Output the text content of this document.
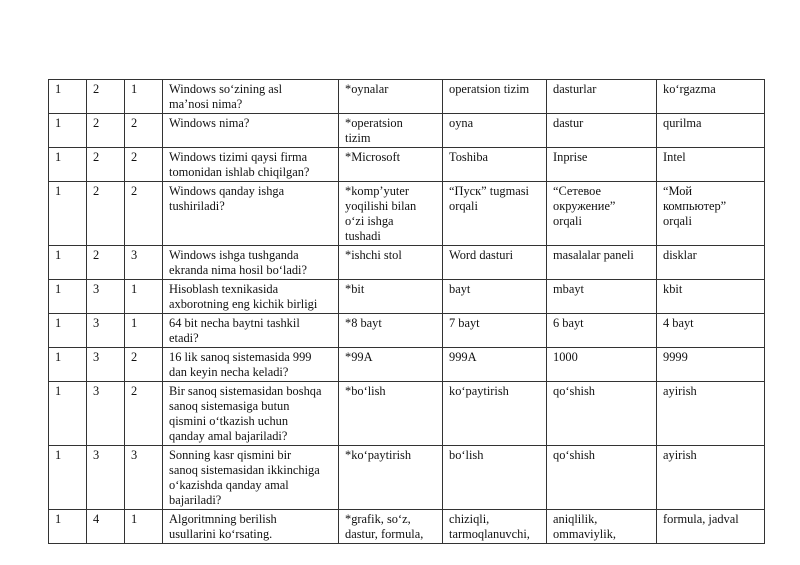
1	2	1	Windows so‘zining asl
ma’nosi nima?	*oynalar	operatsion tizim	dasturlar	ko‘rgazma

1	2	2	Windows nima?	*operatsion
tizim	oyna	dastur	qurilma

1	2	2	Windows tizimi qaysi firma
tomonidan ishlab chiqilgan?	*Microsoft	Toshiba	Inprise	Intel

1	2	2	Windows qanday ishga
tushiriladi?	*komp’yuter
yoqilishi bilan
o‘zi ishga
tushadi	“Пуск” tugmasi
orqali	“Сетевое
окружение”
orqali	“Мой
компьютер”
orqali

1	2	3	Windows ishga tushganda
ekranda nima hosil bo‘ladi?	*ishchi stol	Word dasturi	masalalar paneli	disklar

1	3	1	Hisoblash texnikasida
axborotning eng kichik birligi	*bit	bayt	mbayt	kbit

1	3	1	64 bit necha baytni tashkil
etadi?	*8 bayt	7 bayt	6 bayt	4 bayt

1	3	2	16 lik sanoq sistemasida 999
dan keyin necha keladi?	*99A	999A	1000	9999

1	3	2	Bir sanoq sistemasidan boshqa
sanoq sistemasiga butun
qismini o‘tkazish uchun
qanday amal bajariladi?	*bo‘lish	ko‘paytirish	qo‘shish	ayirish

1	3	3	Sonning kasr qismini bir
sanoq sistemasidan ikkinchiga
o‘kazishda qanday amal
bajariladi?	*ko‘paytirish	bo‘lish	qo‘shish	ayirish

1	4	1	Algoritmning berilish
usullarini ko‘rsating.	*grafik, so‘z,
dastur, formula,	chiziqli,
tarmoqlanuvchi,	aniqlilik,
ommaviylik,	formula, jadval
